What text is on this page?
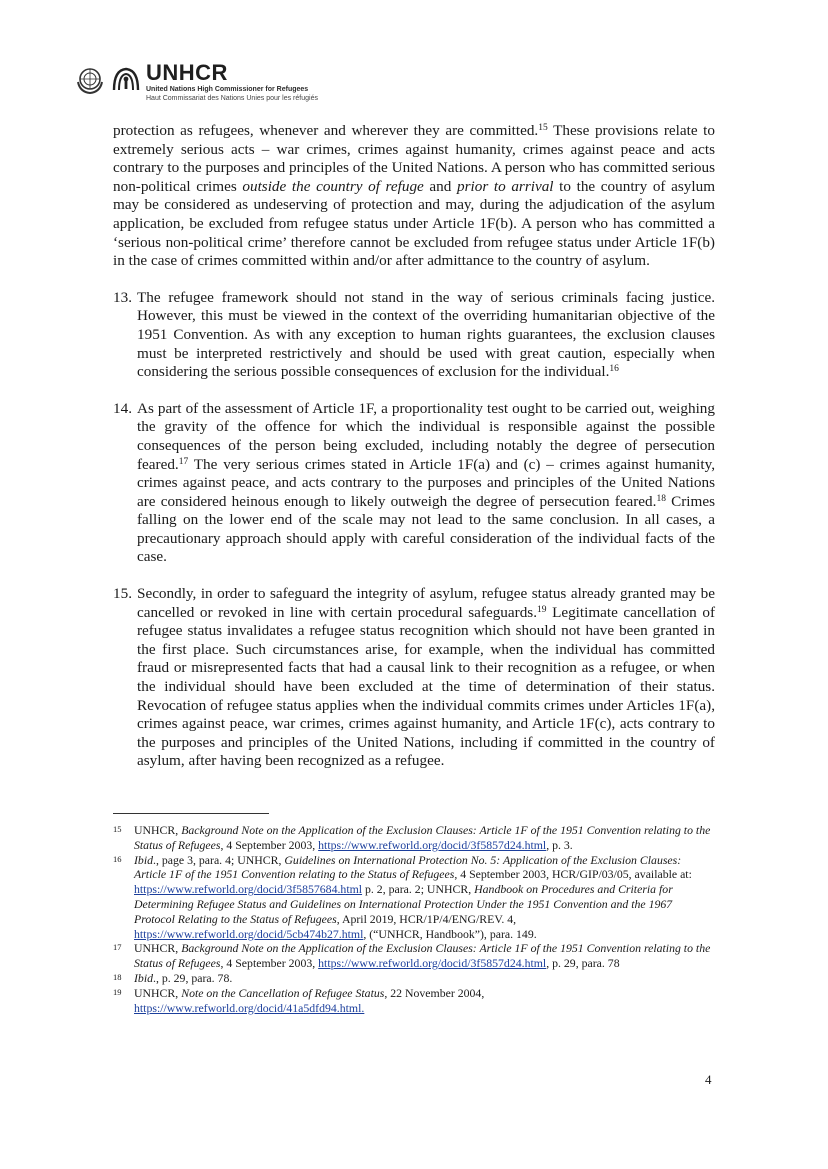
UNHCR
United Nations High Commissioner for Refugees
Haut Commissariat des Nations Unies pour les réfugiés

protection as refugees, whenever and wherever they are committed.$^{15}$ These provisions relate to extremely serious acts – war crimes, crimes against humanity, crimes against peace and acts contrary to the purposes and principles of the United Nations. A person who has committed serious non-political crimes outside the country of refuge and prior to arrival to the country of asylum may be considered as undeserving of protection and may, during the adjudication of the asylum application, be excluded from refugee status under Article 1F(b). A person who has committed a ‘serious non-political crime’ therefore cannot be excluded from refugee status under Article 1F(b) in the case of crimes committed within and/or after admittance to the country of asylum.

13. The refugee framework should not stand in the way of serious criminals facing justice. However, this must be viewed in the context of the overriding humanitarian objective of the 1951 Convention. As with any exception to human rights guarantees, the exclusion clauses must be interpreted restrictively and should be used with great caution, especially when considering the serious possible consequences of exclusion for the individual.$^{16}$

14. As part of the assessment of Article 1F, a proportionality test ought to be carried out, weighing the gravity of the offence for which the individual is responsible against the possible consequences of the person being excluded, including notably the degree of persecution feared.$^{17}$ The very serious crimes stated in Article 1F(a) and (c) – crimes against humanity, crimes against peace, and acts contrary to the purposes and principles of the United Nations are considered heinous enough to likely outweigh the degree of persecution feared.$^{18}$ Crimes falling on the lower end of the scale may not lead to the same conclusion. In all cases, a precautionary approach should apply with careful consideration of the individual facts of the case.

15. Secondly, in order to safeguard the integrity of asylum, refugee status already granted may be cancelled or revoked in line with certain procedural safeguards.$^{19}$ Legitimate cancellation of refugee status invalidates a refugee status recognition which should not have been granted in the first place. Such circumstances arise, for example, when the individual has committed fraud or misrepresented facts that had a causal link to their recognition as a refugee, or when the individual should have been excluded at the time of determination of their status. Revocation of refugee status applies when the individual commits crimes under Articles 1F(a), crimes against peace, war crimes, crimes against humanity, and Article 1F(c), acts contrary to the purposes and principles of the United Nations, including if committed in the country of asylum, after having been recognized as a refugee.

15 UNHCR, Background Note on the Application of the Exclusion Clauses: Article 1F of the 1951 Convention relating to the Status of Refugees, 4 September 2003, https://www.refworld.org/docid/3f5857d24.html, p. 3.
16 Ibid., page 3, para. 4; UNHCR, Guidelines on International Protection No. 5: Application of the Exclusion Clauses: Article 1F of the 1951 Convention relating to the Status of Refugees, 4 September 2003, HCR/GIP/03/05, available at: https://www.refworld.org/docid/3f5857684.html p. 2, para. 2; UNHCR, Handbook on Procedures and Criteria for Determining Refugee Status and Guidelines on International Protection Under the 1951 Convention and the 1967 Protocol Relating to the Status of Refugees, April 2019, HCR/1P/4/ENG/REV. 4, https://www.refworld.org/docid/5cb474b27.html, (“UNHCR, Handbook”), para. 149.
17 UNHCR, Background Note on the Application of the Exclusion Clauses: Article 1F of the 1951 Convention relating to the Status of Refugees, 4 September 2003, https://www.refworld.org/docid/3f5857d24.html, p. 29, para. 78
18 Ibid., p. 29, para. 78.
19 UNHCR, Note on the Cancellation of Refugee Status, 22 November 2004,
https://www.refworld.org/docid/41a5dfd94.html.
4
